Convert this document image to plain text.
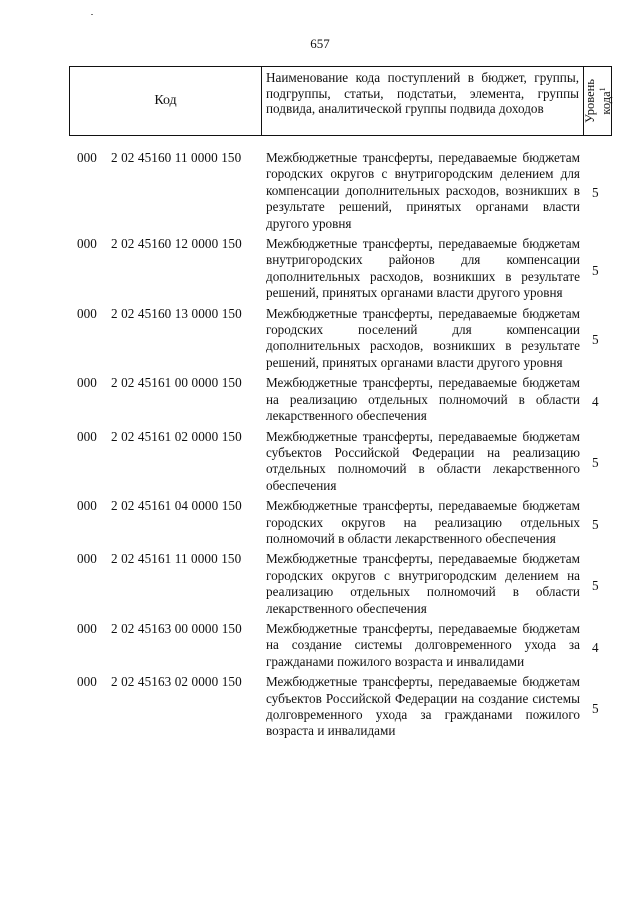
657
Код
Наименование кода поступлений в бюджет, группы, подгруппы, статьи, подстатьи, элемента, группы подвида, аналитической группы подвида доходов	Уровень кода$^1$
000 2 02 45160 11 0000 150 Межбюджетные трансферты, передаваемые бюджетам городских округов с внутригородским делением для компенсации дополнительных расходов, возникших в результате решений, принятых органами власти другого уровня
5
000 2 02 45160 12 0000 150 Межбюджетные трансферты, передаваемые бюджетам внутригородских районов для компенсации дополнительных расходов, возникших в результате решений, принятых органами власти другого уровня
5
000 2 02 45160 13 0000 150 Межбюджетные трансферты, передаваемые бюджетам городских поселений для компенсации дополнительных расходов, возникших в результате решений, принятых органами власти другого уровня
5
000 2 02 45161 00 0000 150 Межбюджетные трансферты, передаваемые бюджетам на реализацию отдельных полномочий в области лекарственного обеспечения
4
000 2 02 45161 02 0000 150 Межбюджетные трансферты, передаваемые бюджетам субъектов Российской Федерации на реализацию отдельных полномочий в области лекарственного обеспечения
5
000 2 02 45161 04 0000 150 Межбюджетные трансферты, передаваемые бюджетам городских округов на реализацию отдельных полномочий в области лекарственного обеспечения
5
000 2 02 45161 11 0000 150 Межбюджетные трансферты, передаваемые бюджетам городских округов с внутригородским делением на реализацию отдельных полномочий в области лекарственного обеспечения
5
000 2 02 45163 00 0000 150 Межбюджетные трансферты, передаваемые бюджетам на создание системы долговременного ухода за гражданами пожилого возраста и инвалидами
4
000 2 02 45163 02 0000 150 Межбюджетные трансферты, передаваемые бюджетам субъектов Российской Федерации на создание системы долговременного ухода за гражданами пожилого возраста и инвалидами
5
